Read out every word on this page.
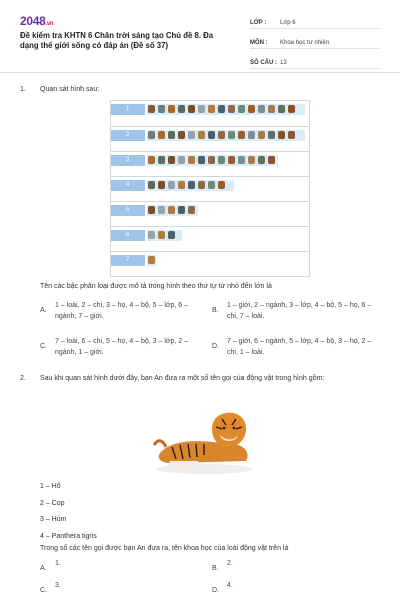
2048.vn
Đề kiểm tra KHTN 6 Chân trời sáng tạo Chủ đề 8. Đa dạng thế giới sống có đáp án (Đề số 37)
LỚP :	Lớp 6
MÔN :	Khoa học tự nhiên
SỐ CÂU : 13
1. Quan sát hình sau:
1
2
3
4
5
6
7
Tên các bậc phân loại được mô tả trong hình theo thứ tự từ nhỏ đến lớn là
A.
1 – loài, 2 – chi, 3 – họ, 4 – bộ, 5 – lớp, 6 – ngành, 7 – giới.
B.
1 – giới, 2 – ngành, 3 – lớp, 4 – bộ, 5 – họ, 6 – chi, 7 – loài.
C.
7 – loài, 6 – chi, 5 – họ, 4 – bộ, 3 – lớp, 2 – ngành, 1 – giới.
D.
7 – giới, 6 – ngành, 5 – lớp, 4 – bộ, 3 – họ, 2 – chi, 1 – loài.
2. Sau khi quan sát hình dưới đây, bạn An đưa ra một số tên gọi của động vật trong hình gồm:
1 – Hổ
2 – Cọp
3 – Hùm
4 – Panthera tigris
Trong số các tên gọi được bạn An đưa ra, tên khoa học của loài động vật trên là
A.
1.
B.
2.
C.
3.
D.
4.
